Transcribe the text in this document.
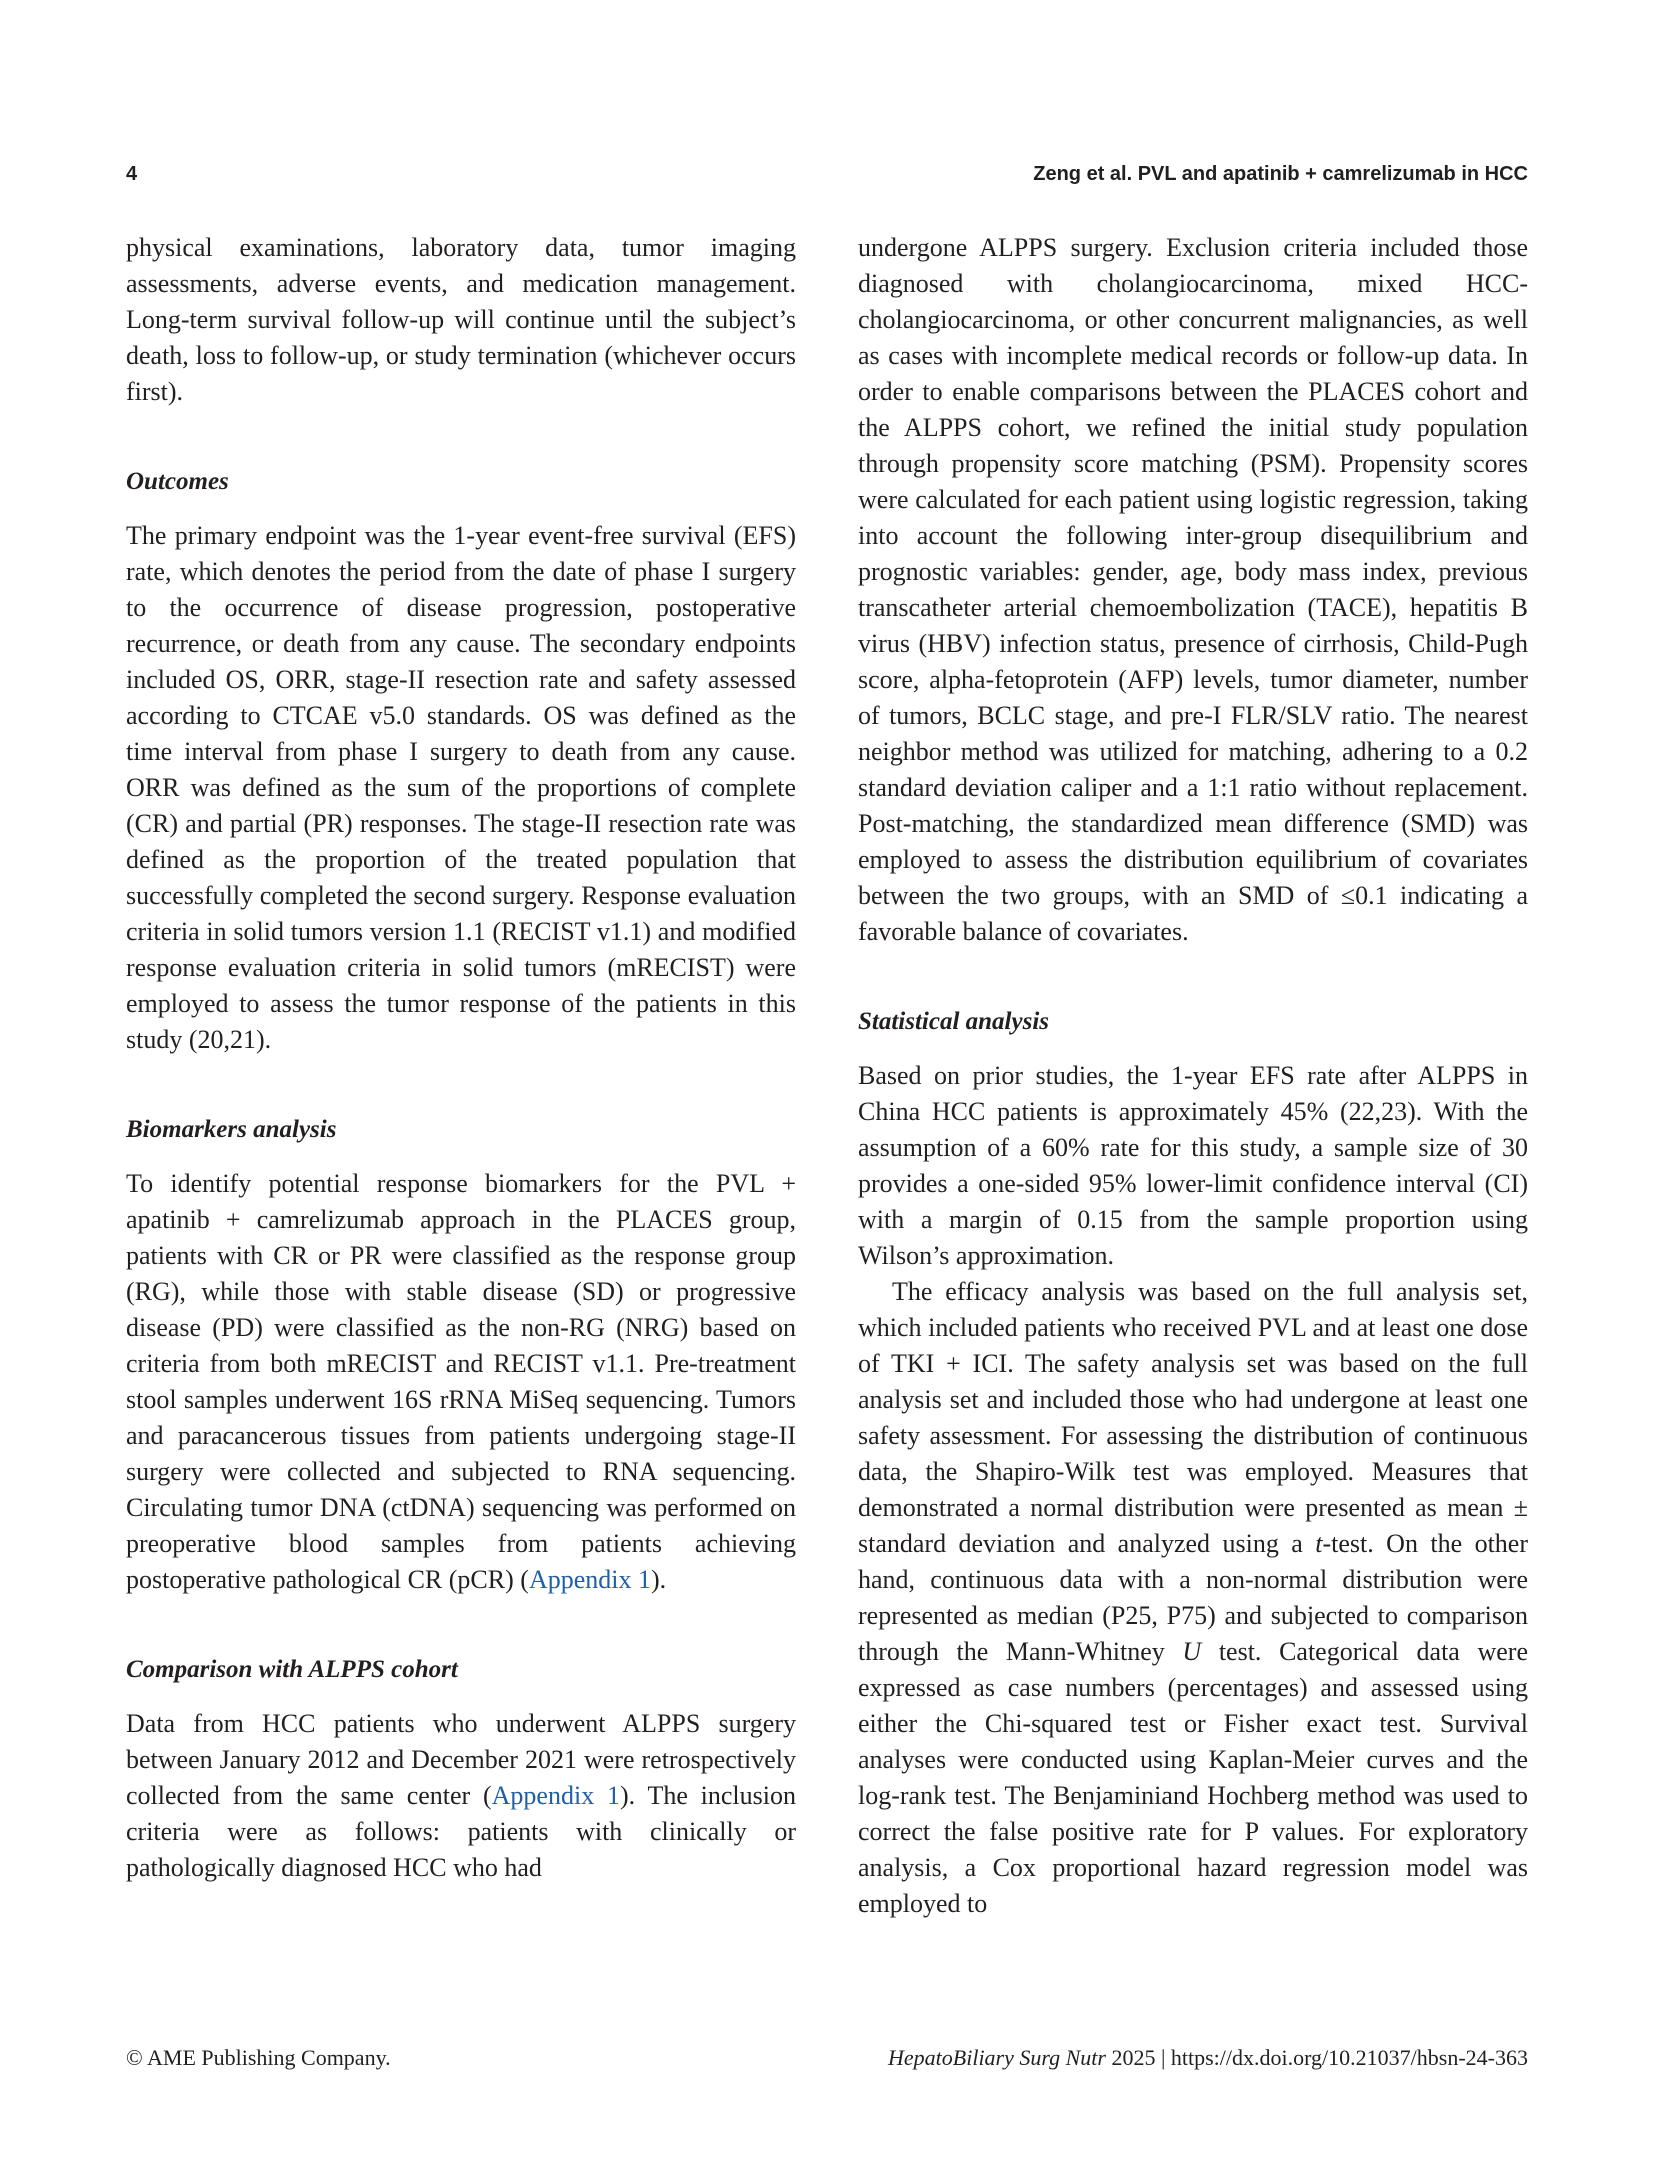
4	Zeng et al. PVL and apatinib + camrelizumab in HCC

physical examinations, laboratory data, tumor imaging assessments, adverse events, and medication management. Long-term survival follow-up will continue until the subject’s death, loss to follow-up, or study termination (whichever occurs first).

Outcomes

The primary endpoint was the 1-year event-free survival (EFS) rate, which denotes the period from the date of phase I surgery to the occurrence of disease progression, postoperative recurrence, or death from any cause. The secondary endpoints included OS, ORR, stage-II resection rate and safety assessed according to CTCAE v5.0 standards. OS was defined as the time interval from phase I surgery to death from any cause. ORR was defined as the sum of the proportions of complete (CR) and partial (PR) responses. The stage-II resection rate was defined as the proportion of the treated population that successfully completed the second surgery. Response evaluation criteria in solid tumors version 1.1 (RECIST v1.1) and modified response evaluation criteria in solid tumors (mRECIST) were employed to assess the tumor response of the patients in this study (20,21).

Biomarkers analysis

To identify potential response biomarkers for the PVL + apatinib + camrelizumab approach in the PLACES group, patients with CR or PR were classified as the response group (RG), while those with stable disease (SD) or progressive disease (PD) were classified as the non-RG (NRG) based on criteria from both mRECIST and RECIST v1.1. Pre-treatment stool samples underwent 16S rRNA MiSeq sequencing. Tumors and paracancerous tissues from patients undergoing stage-II surgery were collected and subjected to RNA sequencing. Circulating tumor DNA (ctDNA) sequencing was performed on preoperative blood samples from patients achieving postoperative pathological CR (pCR) (Appendix 1).

Comparison with ALPPS cohort

Data from HCC patients who underwent ALPPS surgery between January 2012 and December 2021 were retrospectively collected from the same center (Appendix 1). The inclusion criteria were as follows: patients with clinically or pathologically diagnosed HCC who had

undergone ALPPS surgery. Exclusion criteria included those diagnosed with cholangiocarcinoma, mixed HCC-cholangiocarcinoma, or other concurrent malignancies, as well as cases with incomplete medical records or follow-up data. In order to enable comparisons between the PLACES cohort and the ALPPS cohort, we refined the initial study population through propensity score matching (PSM). Propensity scores were calculated for each patient using logistic regression, taking into account the following inter-group disequilibrium and prognostic variables: gender, age, body mass index, previous transcatheter arterial chemoembolization (TACE), hepatitis B virus (HBV) infection status, presence of cirrhosis, Child-Pugh score, alpha-fetoprotein (AFP) levels, tumor diameter, number of tumors, BCLC stage, and pre-I FLR/SLV ratio. The nearest neighbor method was utilized for matching, adhering to a 0.2 standard deviation caliper and a 1:1 ratio without replacement. Post-matching, the standardized mean difference (SMD) was employed to assess the distribution equilibrium of covariates between the two groups, with an SMD of ≤0.1 indicating a favorable balance of covariates.

Statistical analysis

Based on prior studies, the 1-year EFS rate after ALPPS in China HCC patients is approximately 45% (22,23). With the assumption of a 60% rate for this study, a sample size of 30 provides a one-sided 95% lower-limit confidence interval (CI) with a margin of 0.15 from the sample proportion using Wilson’s approximation.

The efficacy analysis was based on the full analysis set, which included patients who received PVL and at least one dose of TKI + ICI. The safety analysis set was based on the full analysis set and included those who had undergone at least one safety assessment. For assessing the distribution of continuous data, the Shapiro-Wilk test was employed. Measures that demonstrated a normal distribution were presented as mean ± standard deviation and analyzed using a t-test. On the other hand, continuous data with a non-normal distribution were represented as median (P25, P75) and subjected to comparison through the Mann-Whitney U test. Categorical data were expressed as case numbers (percentages) and assessed using either the Chi-squared test or Fisher exact test. Survival analyses were conducted using Kaplan-Meier curves and the log-rank test. The Benjaminiand Hochberg method was used to correct the false positive rate for P values. For exploratory analysis, a Cox proportional hazard regression model was employed to

© AME Publishing Company.	HepatoBiliary Surg Nutr 2025 | https://dx.doi.org/10.21037/hbsn-24-363
